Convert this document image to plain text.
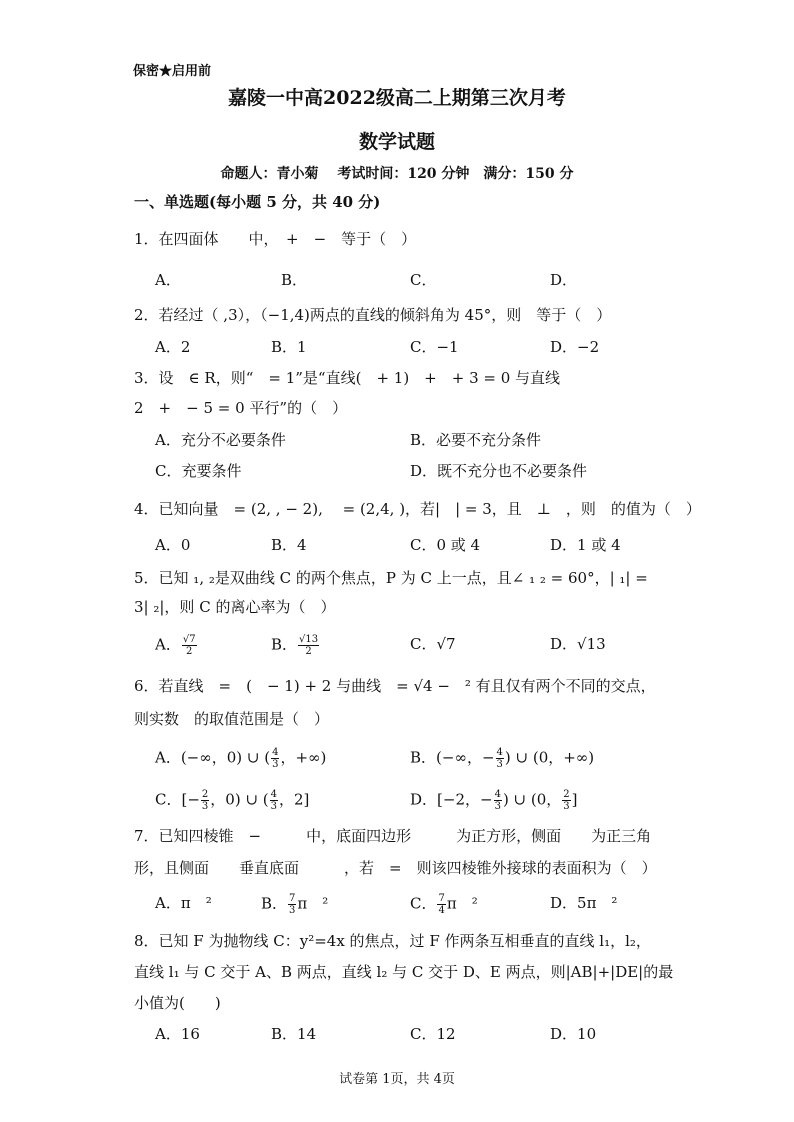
保密★启用前
嘉陵一中高2022级高二上期第三次月考
数学试题
命题人：青小菊　 考试时间：120 分钟　满分：150 分
一、单选题(每小题 5 分，共 40 分)
1．在四面体　　中，　+　−　等于（　）
A．	B．	C．	D．
2．若经过（ ,3），（−1,4)两点的直线的倾斜角为 45°，则　等于（　）
A．2	B．1	C．−1	D．−2
3．设　∈ R，则“　= 1”是“直线(　+ 1)　+　+ 3 = 0 与直线
2　+　− 5 = 0 平行”的（　）
A．充分不必要条件	B．必要不充分条件
C．充要条件	D．既不充分也不必要条件
4．已知向量　= (2, , − 2), 　= (2,4, )，若|　| = 3，且　⊥　，则　的值为（　）
A．0	B．4	C．0 或 4	D．1 或 4
5．已知 ₁, ₂是双曲线 C 的两个焦点，P 为 C 上一点，且∠ ₁ ₂ = 60°，| ₁| =
3| ₂|，则 C 的离心率为（　）
A． $\frac{√7}{2}$	B． $\frac{√13}{2}$	C．√7	D．√13
6．若直线　=　(　− 1) + 2 与曲线　= √4 −　² 有且仅有两个不同的交点，
则实数　的取值范围是（　）
A．(−∞，0) ∪ ( $\frac{4}{3}$ ，+∞)	B．(−∞，− $\frac{4}{3}$ ) ∪ (0，+∞)
C．[− $\frac{2}{3}$ ，0) ∪ ( $\frac{4}{3}$ ，2]	D．[−2，− $\frac{4}{3}$ ) ∪ (0， $\frac{2}{3}$ ]
7．已知四棱锥　−　　　中，底面四边形　　　为正方形，侧面　　为正三角
形，且侧面　　垂直底面　　　，若　=　则该四棱锥外接球的表面积为（　）
A．π　²	B． $\frac{7}{3}$ π　²	C． $\frac{7}{4}$ π　²	D．5π　²
8．已知 F 为抛物线 C：y²=4x 的焦点，过 F 作两条互相垂直的直线 l₁，l₂，
直线 l₁ 与 C 交于 A、B 两点，直线 l₂ 与 C 交于 D、E 两点，则|AB|+|DE|的最
小值为(　　)
A．16	B．14	C．12	D．10
试卷第 1页，共 4页
